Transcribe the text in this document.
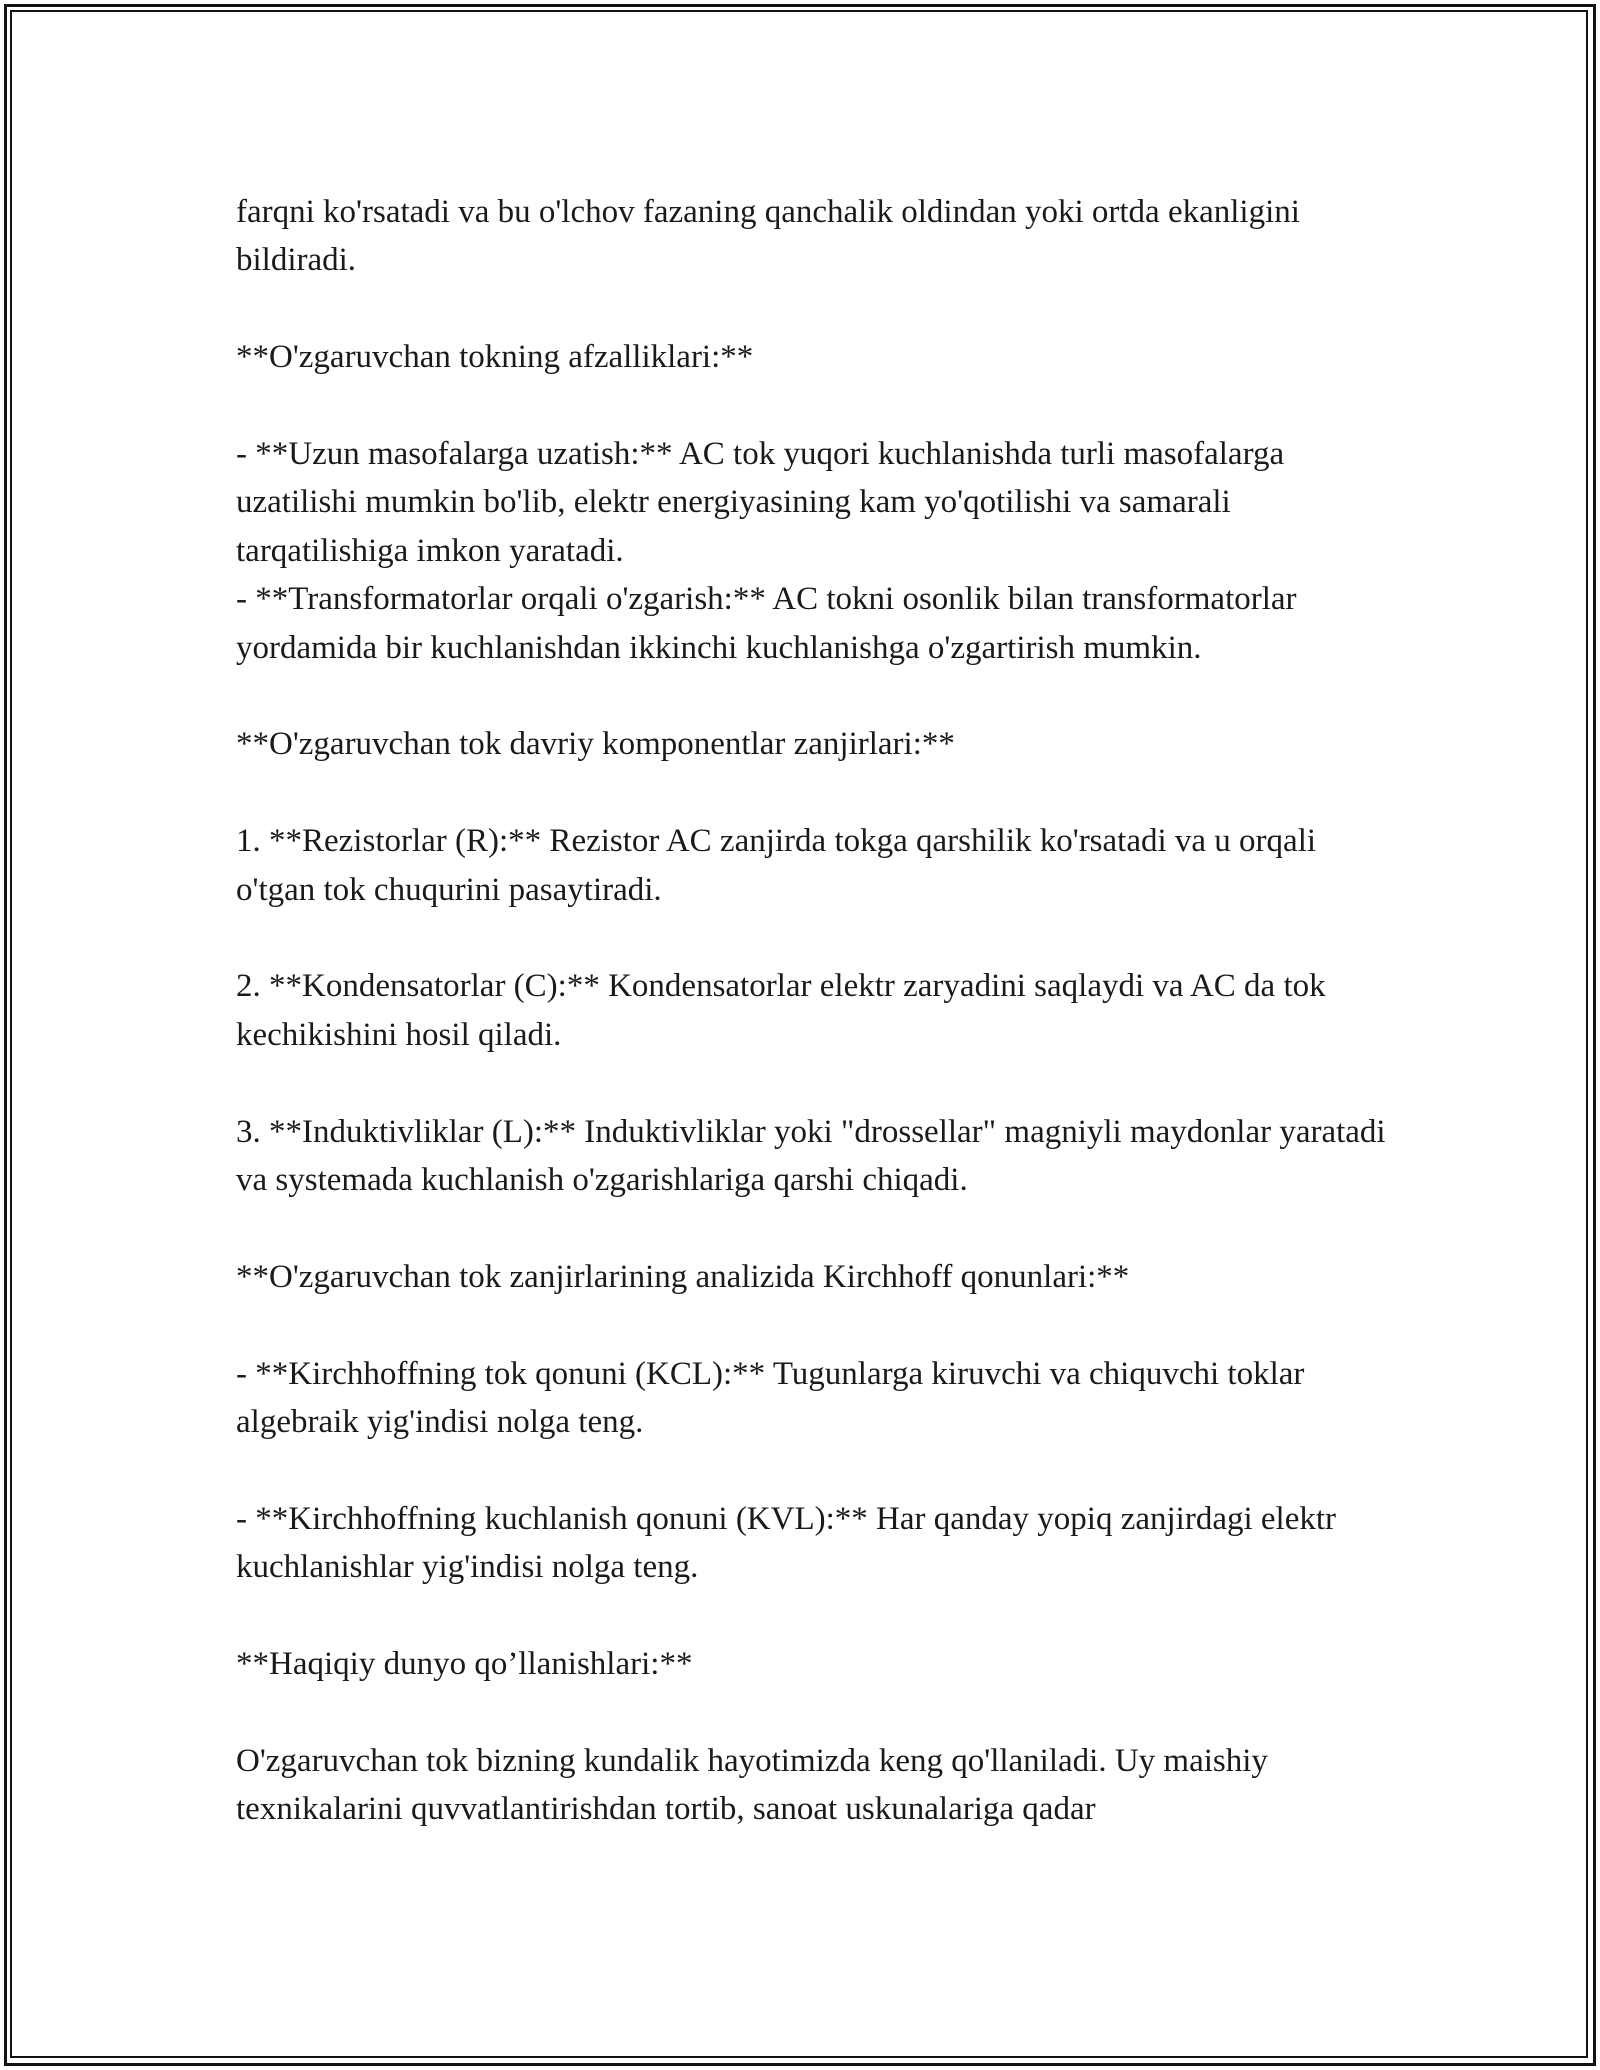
farqni ko'rsatadi va bu o'lchov fazaning qanchalik oldindan yoki ortda ekanligini bildiradi.

**O'zgaruvchan tokning afzalliklari:**

- **Uzun masofalarga uzatish:** AC tok yuqori kuchlanishda turli masofalarga uzatilishi mumkin bo'lib, elektr energiyasining kam yo'qotilishi va samarali tarqatilishiga imkon yaratadi.

- **Transformatorlar orqali o'zgarish:** AC tokni osonlik bilan transformatorlar yordamida bir kuchlanishdan ikkinchi kuchlanishga o'zgartirish mumkin.

**O'zgaruvchan tok davriy komponentlar zanjirlari:**

1. **Rezistorlar (R):** Rezistor AC zanjirda tokga qarshilik ko'rsatadi va u orqali o'tgan tok chuqurini pasaytiradi.

2. **Kondensatorlar (C):** Kondensatorlar elektr zaryadini saqlaydi va AC da tok kechikishini hosil qiladi.

3. **Induktivliklar (L):** Induktivliklar yoki "drossellar" magniyli maydonlar yaratadi va systemada kuchlanish o'zgarishlariga qarshi chiqadi.

**O'zgaruvchan tok zanjirlarining analizida Kirchhoff qonunlari:**

- **Kirchhoffning tok qonuni (KCL):** Tugunlarga kiruvchi va chiquvchi toklar algebraik yig'indisi nolga teng.

- **Kirchhoffning kuchlanish qonuni (KVL):** Har qanday yopiq zanjirdagi elektr kuchlanishlar yig'indisi nolga teng.

**Haqiqiy dunyo qo’llanishlari:**

O'zgaruvchan tok bizning kundalik hayotimizda keng qo'llaniladi. Uy maishiy texnikalarini quvvatlantirishdan tortib, sanoat uskunalariga qadar
